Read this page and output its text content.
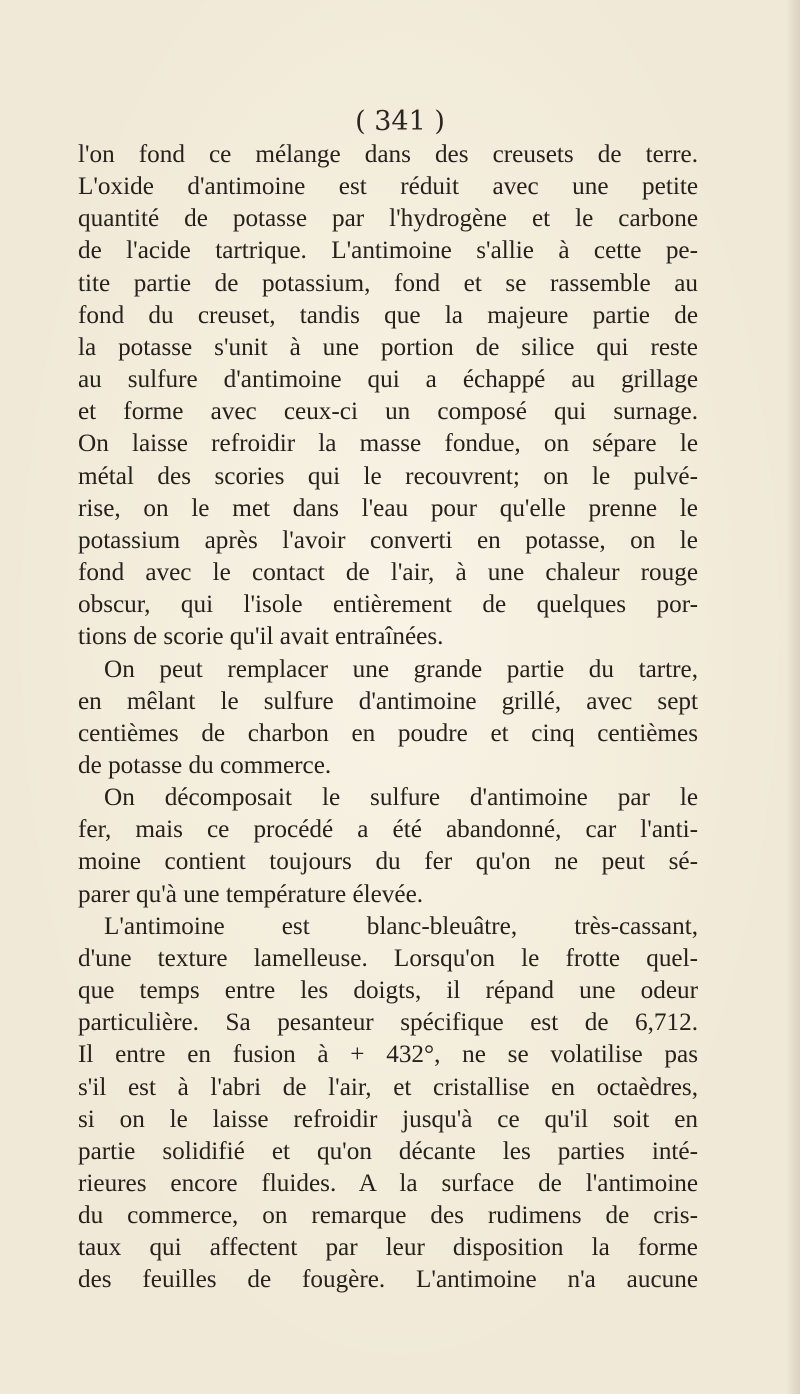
( 341 )
l'on fond ce mélange dans des creusets de terre.
L'oxide d'antimoine est réduit avec une petite
quantité de potasse par l'hydrogène et le carbone
de l'acide tartrique. L'antimoine s'allie à cette pe-
tite partie de potassium, fond et se rassemble au
fond du creuset, tandis que la majeure partie de
la potasse s'unit à une portion de silice qui reste
au sulfure d'antimoine qui a échappé au grillage
et forme avec ceux-ci un composé qui surnage.
On laisse refroidir la masse fondue, on sépare le
métal des scories qui le recouvrent; on le pulvé-
rise, on le met dans l'eau pour qu'elle prenne le
potassium après l'avoir converti en potasse, on le
fond avec le contact de l'air, à une chaleur rouge
obscur, qui l'isole entièrement de quelques por-
tions de scorie qu'il avait entraînées.
On peut remplacer une grande partie du tartre,
en mêlant le sulfure d'antimoine grillé, avec sept
centièmes de charbon en poudre et cinq centièmes
de potasse du commerce.
On décomposait le sulfure d'antimoine par le
fer, mais ce procédé a été abandonné, car l'anti-
moine contient toujours du fer qu'on ne peut sé-
parer qu'à une température élevée.
L'antimoine est blanc-bleuâtre, très-cassant,
d'une texture lamelleuse. Lorsqu'on le frotte quel-
que temps entre les doigts, il répand une odeur
particulière. Sa pesanteur spécifique est de 6,712.
Il entre en fusion à + 432°, ne se volatilise pas
s'il est à l'abri de l'air, et cristallise en octaèdres,
si on le laisse refroidir jusqu'à ce qu'il soit en
partie solidifié et qu'on décante les parties inté-
rieures encore fluides. A la surface de l'antimoine
du commerce, on remarque des rudimens de cris-
taux qui affectent par leur disposition la forme
des feuilles de fougère. L'antimoine n'a aucune
